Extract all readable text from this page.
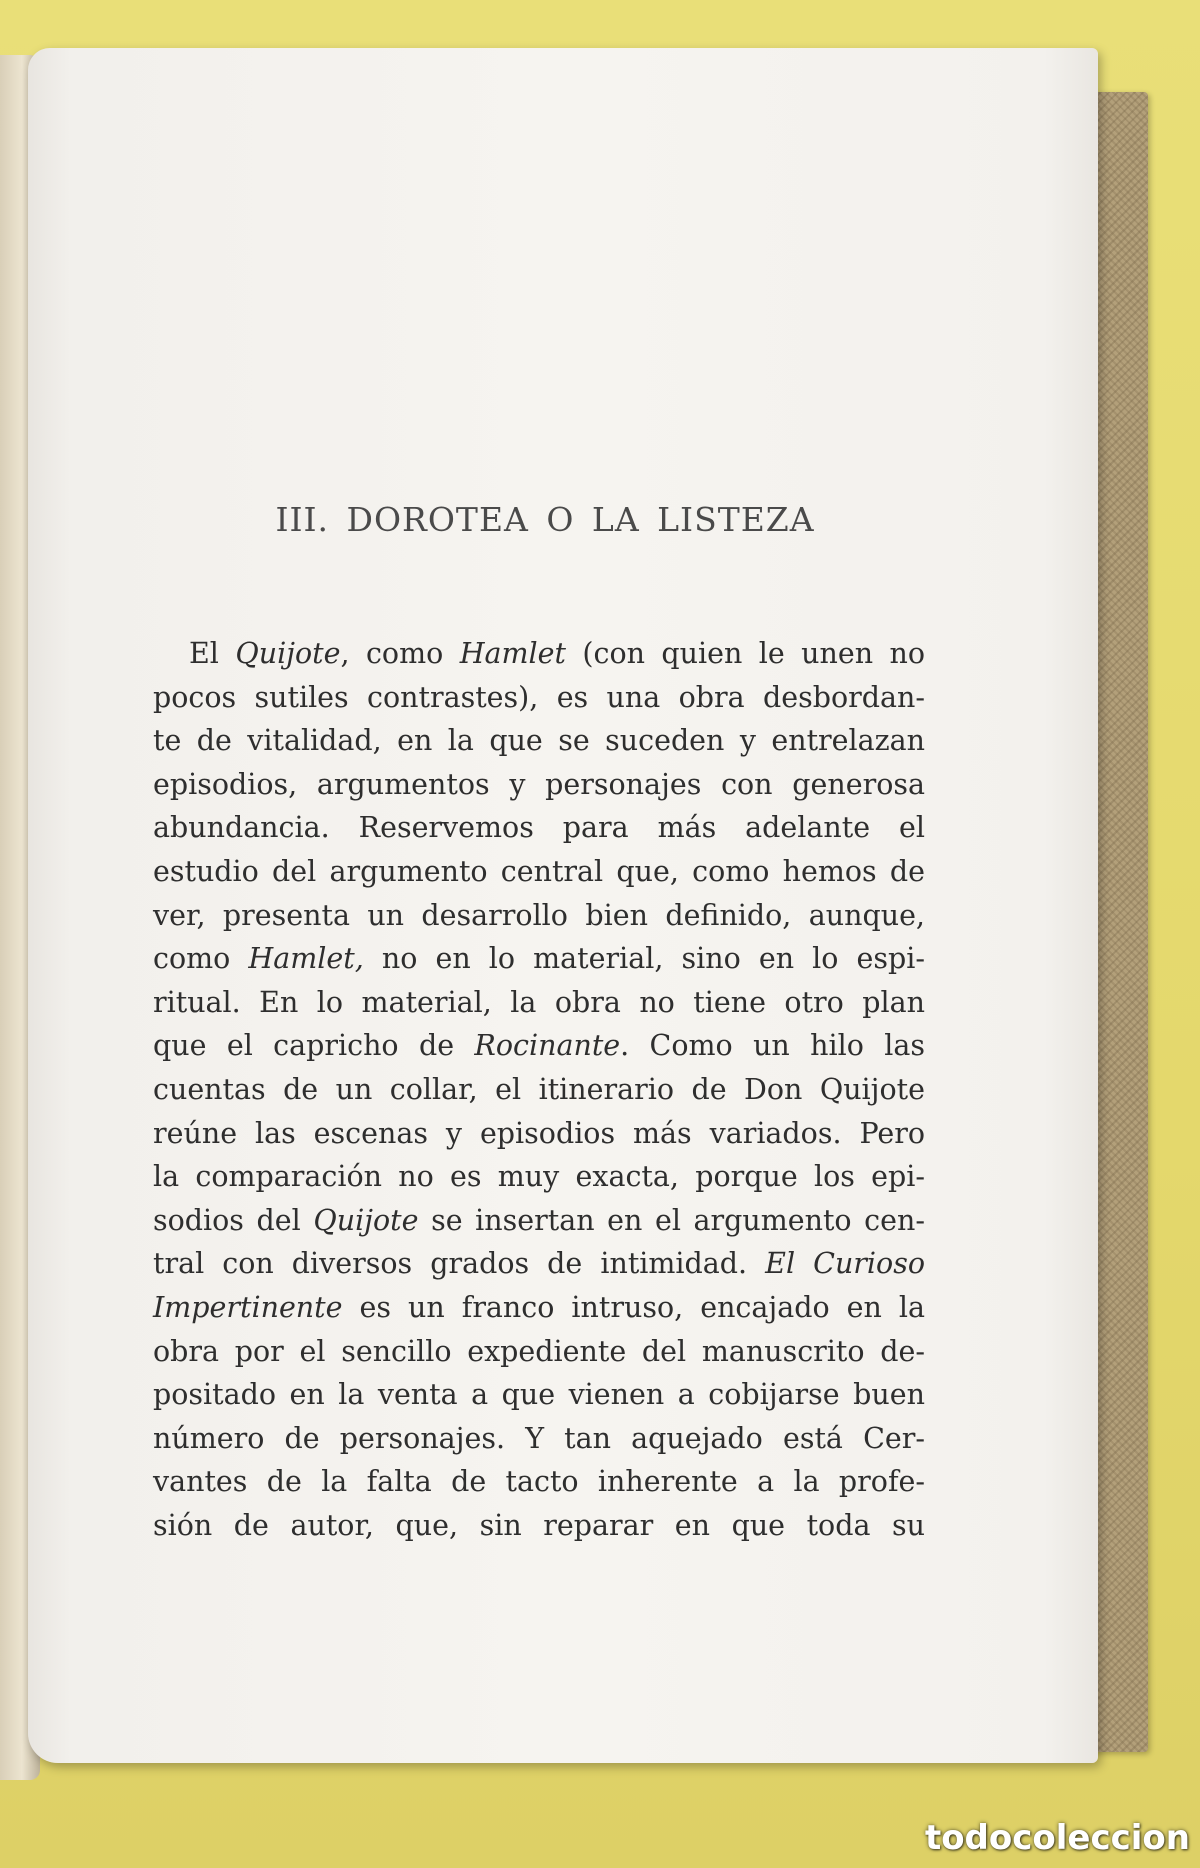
III. DOROTEA O LA LISTEZA
El Quijote, como Hamlet (con quien le unen no
pocos sutiles contrastes), es una obra desbordan-
te de vitalidad, en la que se suceden y entrelazan
episodios, argumentos y personajes con generosa
abundancia. Reservemos para más adelante el
estudio del argumento central que, como hemos de
ver, presenta un desarrollo bien definido, aunque,
como Hamlet, no en lo material, sino en lo espi-
ritual. En lo material, la obra no tiene otro plan
que el capricho de Rocinante. Como un hilo las
cuentas de un collar, el itinerario de Don Quijote
reúne las escenas y episodios más variados. Pero
la comparación no es muy exacta, porque los epi-
sodios del Quijote se insertan en el argumento cen-
tral con diversos grados de intimidad. El Curioso
Impertinente es un franco intruso, encajado en la
obra por el sencillo expediente del manuscrito de-
positado en la venta a que vienen a cobijarse buen
número de personajes. Y tan aquejado está Cer-
vantes de la falta de tacto inherente a la profe-
sión de autor, que, sin reparar en que toda su
todocoleccion
